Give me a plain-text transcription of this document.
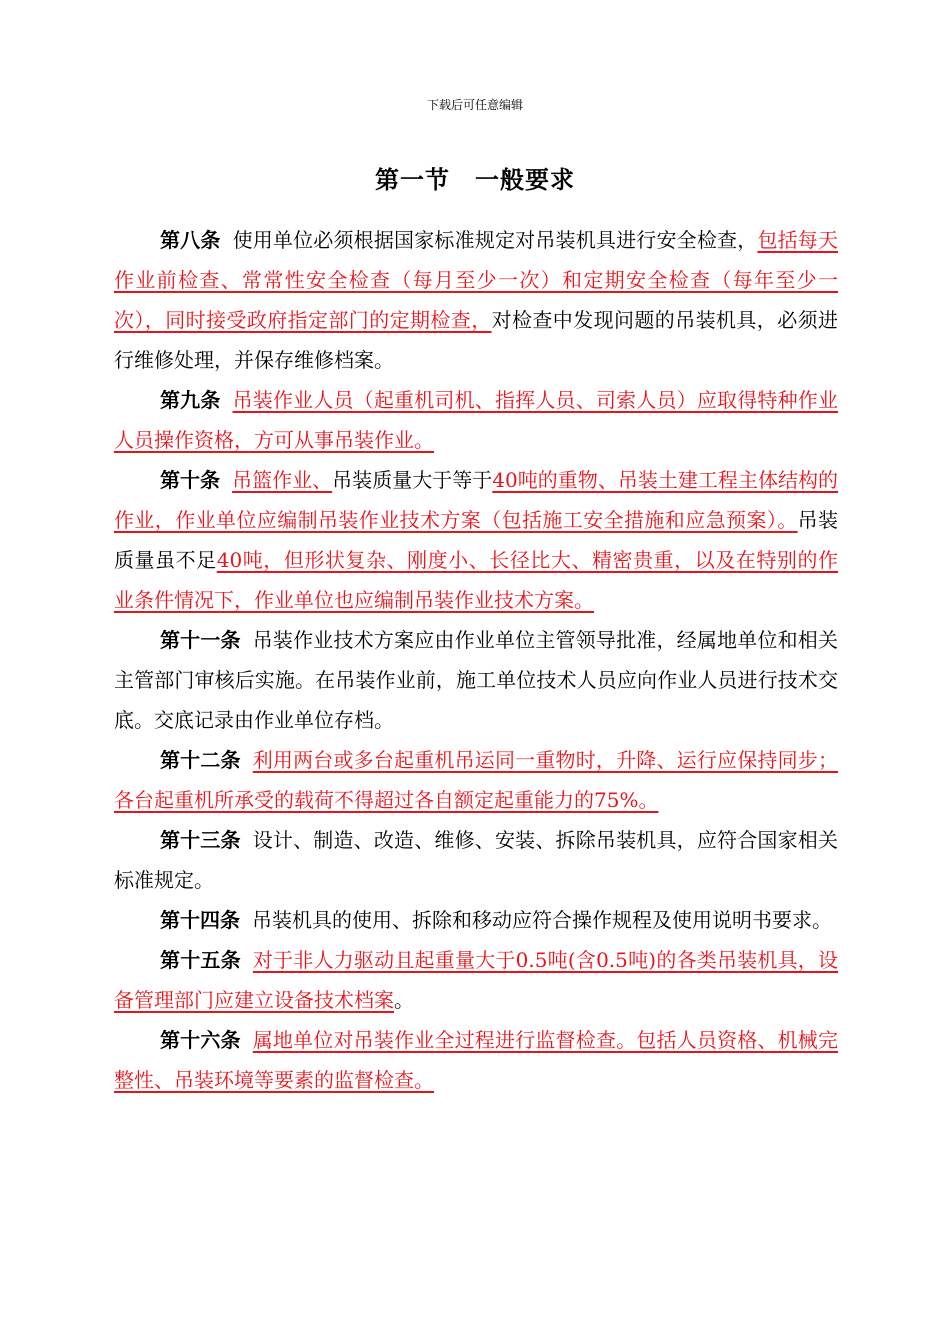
下载后可任意编辑
第一节　一般要求

第八条 使用单位必须根据国家标准规定对吊装机具进行安全检查，包括每天作业前检查、常常性安全检查（每月至少一次）和定期安全检查（每年至少一次），同时接受政府指定部门的定期检查，对检查中发现问题的吊装机具，必须进行维修处理，并保存维修档案。

第九条 吊装作业人员（起重机司机、指挥人员、司索人员）应取得特种作业人员操作资格，方可从事吊装作业。

第十条 吊篮作业、吊装质量大于等于40吨的重物、吊装土建工程主体结构的作业，作业单位应编制吊装作业技术方案（包括施工安全措施和应急预案）。吊装质量虽不足40吨，但形状复杂、刚度小、长径比大、精密贵重，以及在特别的作业条件情况下，作业单位也应编制吊装作业技术方案。

第十一条 吊装作业技术方案应由作业单位主管领导批准，经属地单位和相关主管部门审核后实施。在吊装作业前，施工单位技术人员应向作业人员进行技术交底。交底记录由作业单位存档。

第十二条 利用两台或多台起重机吊运同一重物时，升降、运行应保持同步；各台起重机所承受的载荷不得超过各自额定起重能力的75%。

第十三条 设计、制造、改造、维修、安装、拆除吊装机具，应符合国家相关标准规定。

第十四条 吊装机具的使用、拆除和移动应符合操作规程及使用说明书要求。

第十五条 对于非人力驱动且起重量大于0.5吨(含0.5吨)的各类吊装机具，设备管理部门应建立设备技术档案。

第十六条 属地单位对吊装作业全过程进行监督检查。包括人员资格、机械完整性、吊装环境等要素的监督检查。
